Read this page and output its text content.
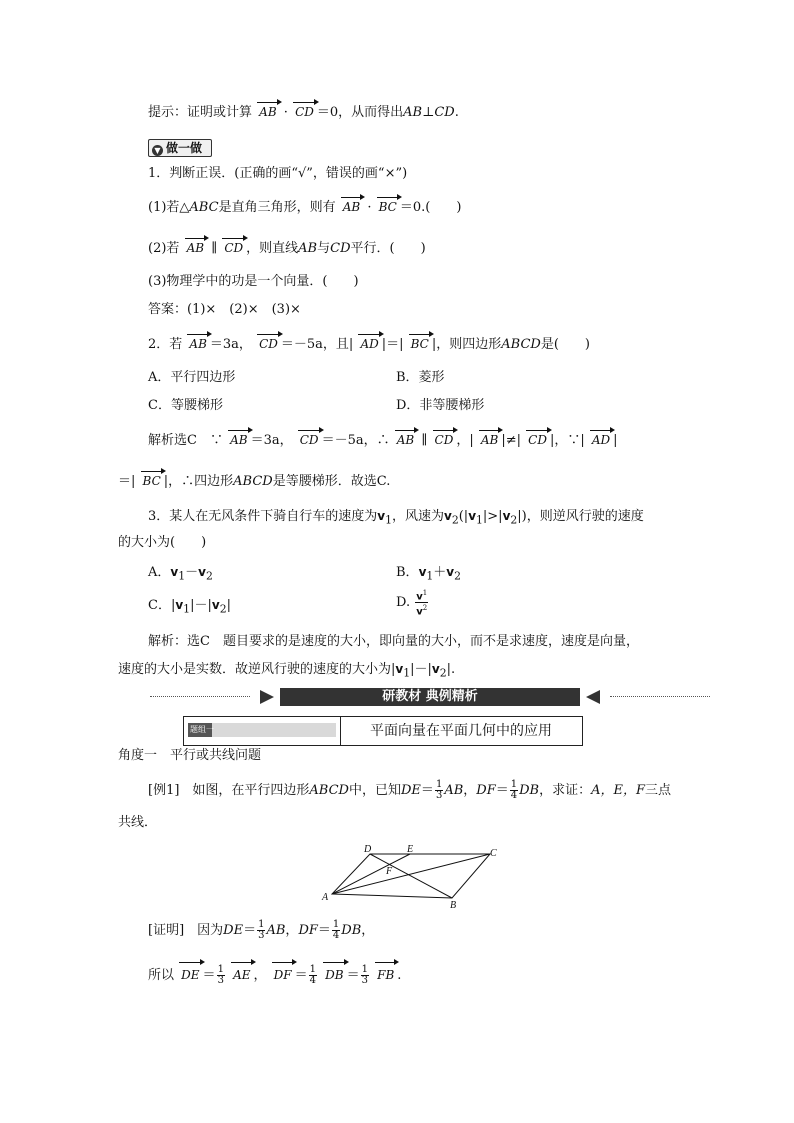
提示：证明或计算 AB · CD ＝0，从而得出AB⊥CD.
▼ 做一做
1．判断正误．(正确的画“√”，错误的画“×”)
(1)若△ABC是直角三角形，则有 AB · BC ＝0.(　　)
(2)若 AB ∥ CD ，则直线AB与CD平行．(　　)
(3)物理学中的功是一个向量．(　　)
答案：(1)×　(2)×　(3)×
2．若 AB ＝3a， CD ＝－5a，且| AD |＝| BC |，则四边形ABCD是(　　)
A．平行四边形	B．菱形
C．等腰梯形	D．非等腰梯形
解析选C　∵ AB ＝3a， CD ＝－5a，∴ AB ∥ CD ，| AB |≠| CD |，∵| AD |
＝| BC |，∴四边形ABCD是等腰梯形．故选C.
3．某人在无风条件下骑自行车的速度为$v_1$，风速为$v_2(|v_1|>|v_2|)$，则逆风行驶的速度
的大小为(　　)
A．$v_1-v_2$	B．$v_1+v_2$
C．$|v_1|-|v_2|$	D. $\frac{v^1}{v^2}$
解析：选C　题目要求的是速度的大小，即向量的大小，而不是求速度，速度是向量，
速度的大小是实数．故逆风行驶的速度的大小为$|v_1|-|v_2|$.
研教材 典例精析
题组一	平面向量在平面几何中的应用
角度一　平行或共线问题
[例1]　如图，在平行四边形ABCD中，已知$DE= \frac{1}{3}$ AB，$DF= \frac{1}{4}$ DB，求证：A，E，F三点
共线．
A
B
C
D	E
F
[证明]　因为$DE= \frac{1}{3}$ AB，$DF= \frac{1}{4}$ DB，
所以 DE ＝ $\frac{1}{3}$ AE ， DF ＝ $\frac{1}{4}$ DB ＝ $\frac{1}{3}$ FB .
